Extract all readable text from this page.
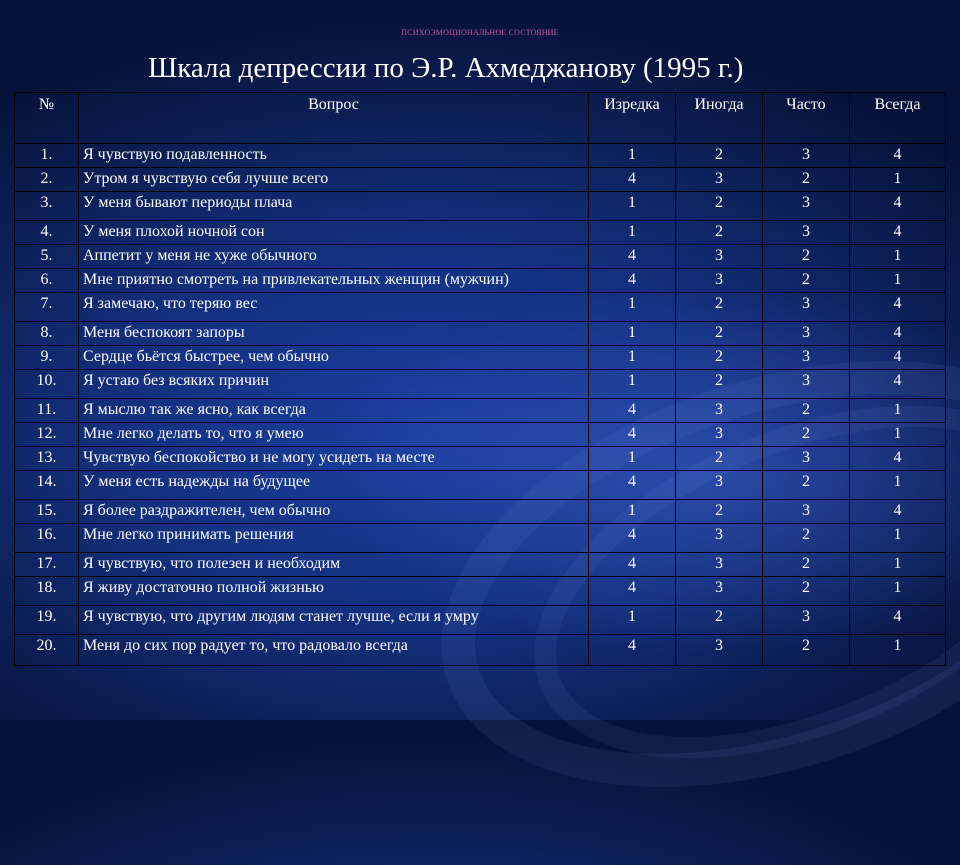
ПСИХОЭМОЦИОНАЛЬНОЕ СОСТОЯНИЕ
Шкала депрессии по Э.Р. Ахмеджанову (1995 г.)
№	Вопрос	Изредка	Иногда	Часто	Всегда
1.	Я чувствую подавленность	1	2	3	4
2.	Утром я чувствую себя лучше всего	4	3	2	1
3.	У меня бывают периоды плача	1	2	3	4
4.	У меня плохой ночной сон	1	2	3	4
5.	Аппетит у меня не хуже обычного	4	3	2	1
6.	Мне приятно смотреть на привлекательных женщин (мужчин)	4	3	2	1
7.	Я замечаю, что теряю вес	1	2	3	4
8.	Меня беспокоят запоры	1	2	3	4
9.	Сердце бьётся быстрее, чем обычно	1	2	3	4
10.	Я устаю без всяких причин	1	2	3	4
11.	Я мыслю так же ясно, как всегда	4	3	2	1
12.	Мне легко делать то, что я умею	4	3	2	1
13.	Чувствую беспокойство и не могу усидеть на месте	1	2	3	4
14.	У меня есть надежды на будущее	4	3	2	1
15.	Я более раздражителен, чем обычно	1	2	3	4
16.	Мне легко принимать решения	4	3	2	1
17.	Я чувствую, что полезен и необходим	4	3	2	1
18.	Я живу достаточно полной жизнью	4	3	2	1
19.	Я чувствую, что другим людям станет лучше, если я умру	1	2	3	4
20.	Меня до сих пор радует то, что радовало всегда	4	3	2	1
